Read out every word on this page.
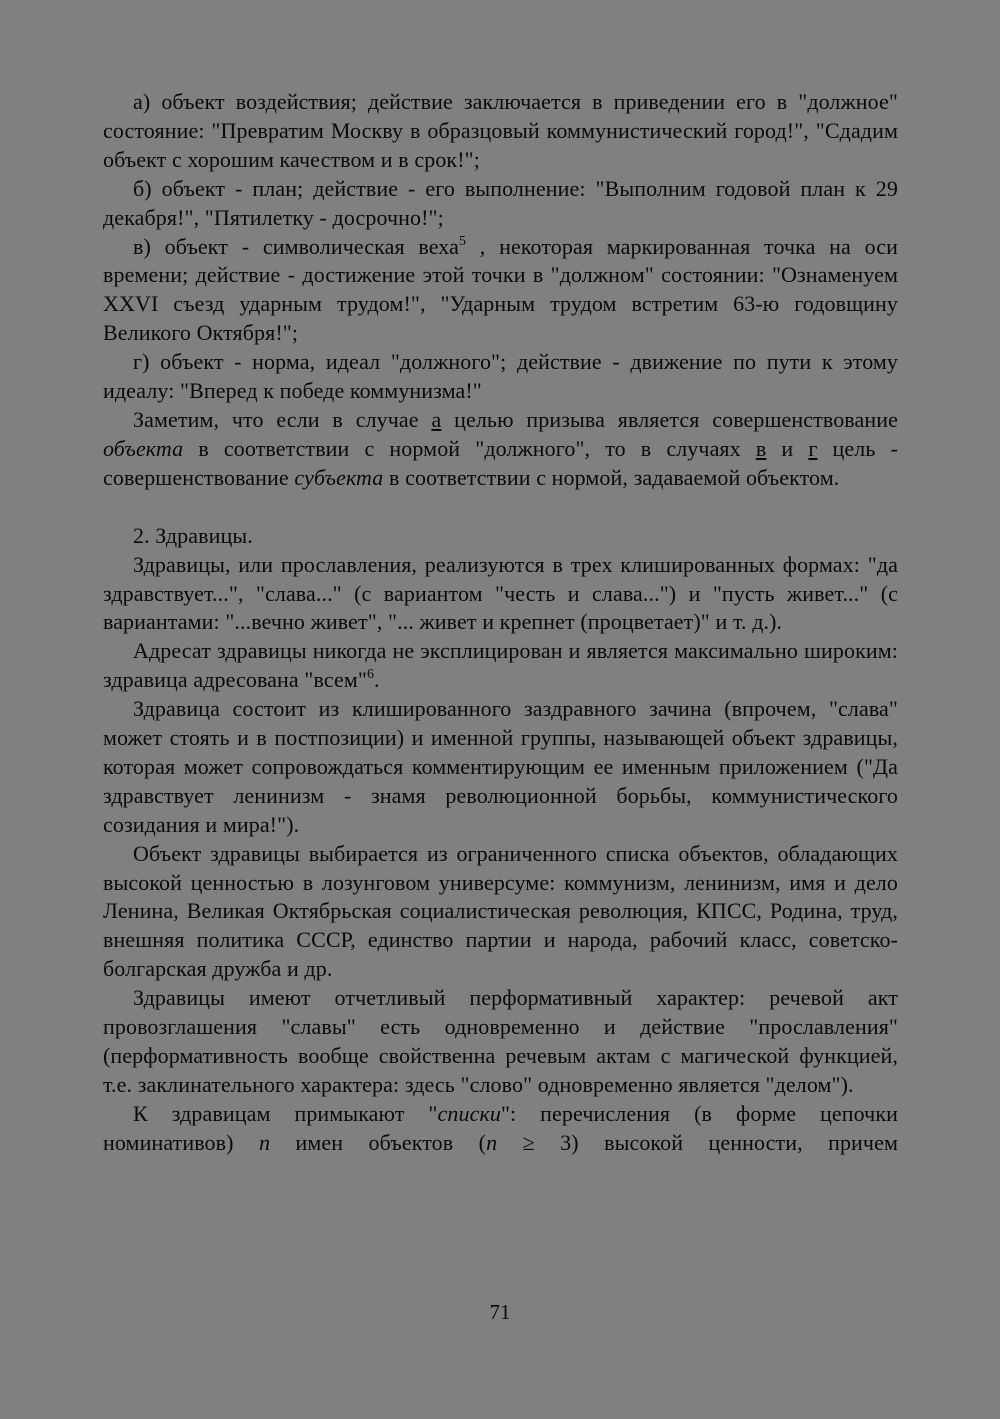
а) объект воздействия; действие заключается в приведении его в "должное" состояние: "Превратим Москву в образцовый коммунистический город!", "Сдадим объект с хорошим качеством и в срок!";

б) объект - план; действие - его выполнение: "Выполним годовой план к 29 декабря!", "Пятилетку - досрочно!";

в) объект - символическая веха$^5$ , некоторая маркированная точка на оси времени; действие - достижение этой точки в "должном" состоянии: "Ознаменуем XXVI съезд ударным трудом!", "Ударным трудом встретим 63-ю годовщину Великого Октября!";

г) объект - норма, идеал "должного"; действие - движение по пути к этому идеалу: "Вперед к победе коммунизма!"

Заметим, что если в случае а целью призыва является совершенствование объекта в соответствии с нормой "должного", то в случаях в и г цель - совершенствование субъекта в соответствии с нормой, задаваемой объектом.

2. Здравицы.

Здравицы, или прославления, реализуются в трех клишированных формах: "да здравствует...", "слава..." (с вариантом "честь и слава...") и "пусть живет..." (с вариантами: "...вечно живет", "... живет и крепнет (процветает)" и т. д.).

Адресат здравицы никогда не эксплицирован и является максимально широким: здравица адресована "всем"$^6$.

Здравица состоит из клишированного заздравного зачина (впрочем, "слава" может стоять и в постпозиции) и именной группы, называющей объект здравицы, которая может сопровождаться комментирующим ее именным приложением ("Да здравствует ленинизм - знамя революционной борьбы, коммунистического созидания и мира!").

Объект здравицы выбирается из ограниченного списка объектов, обладающих высокой ценностью в лозунговом универсуме: коммунизм, ленинизм, имя и дело Ленина, Великая Октябрьская социалистическая революция, КПСС, Родина, труд, внешняя политика СССР, единство партии и народа, рабочий класс, советско-болгарская дружба и др.

Здравицы имеют отчетливый перформативный характер: речевой акт провозглашения "славы" есть одновременно и действие "прославления" (перформативность вообще свойственна речевым актам с магической функцией, т.е. заклинательного характера: здесь "слово" одновременно является "делом").

К здравицам примыкают "списки": перечисления (в форме цепочки номинативов) n имен объектов (n ≥ 3) высокой ценности, причем

71
